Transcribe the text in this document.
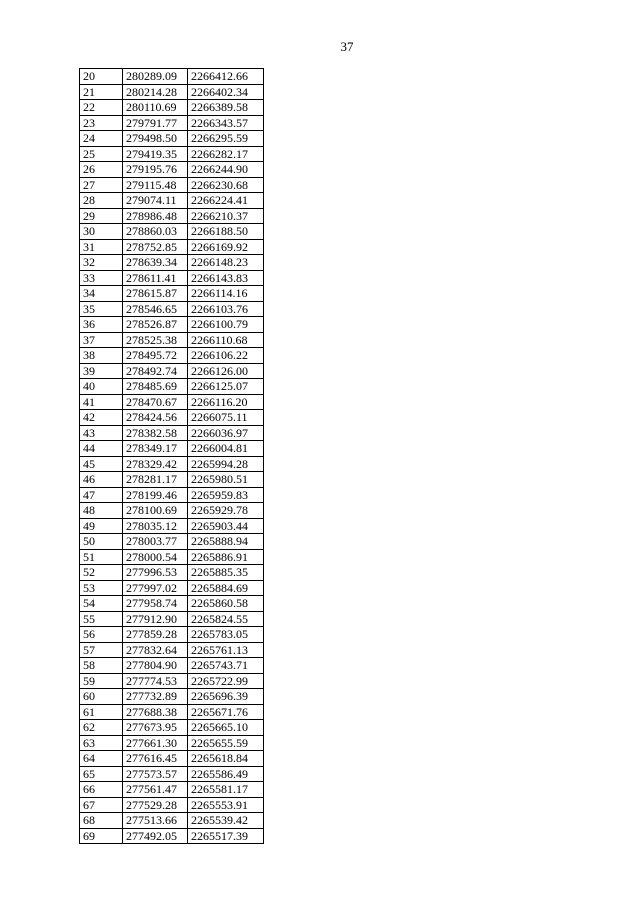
37
20	280289.09	2266412.66
21	280214.28	2266402.34
22	280110.69	2266389.58
23	279791.77	2266343.57
24	279498.50	2266295.59
25	279419.35	2266282.17
26	279195.76	2266244.90
27	279115.48	2266230.68
28	279074.11	2266224.41
29	278986.48	2266210.37
30	278860.03	2266188.50
31	278752.85	2266169.92
32	278639.34	2266148.23
33	278611.41	2266143.83
34	278615.87	2266114.16
35	278546.65	2266103.76
36	278526.87	2266100.79
37	278525.38	2266110.68
38	278495.72	2266106.22
39	278492.74	2266126.00
40	278485.69	2266125.07
41	278470.67	2266116.20
42	278424.56	2266075.11
43	278382.58	2266036.97
44	278349.17	2266004.81
45	278329.42	2265994.28
46	278281.17	2265980.51
47	278199.46	2265959.83
48	278100.69	2265929.78
49	278035.12	2265903.44
50	278003.77	2265888.94
51	278000.54	2265886.91
52	277996.53	2265885.35
53	277997.02	2265884.69
54	277958.74	2265860.58
55	277912.90	2265824.55
56	277859.28	2265783.05
57	277832.64	2265761.13
58	277804.90	2265743.71
59	277774.53	2265722.99
60	277732.89	2265696.39
61	277688.38	2265671.76
62	277673.95	2265665.10
63	277661.30	2265655.59
64	277616.45	2265618.84
65	277573.57	2265586.49
66	277561.47	2265581.17
67	277529.28	2265553.91
68	277513.66	2265539.42
69	277492.05	2265517.39
